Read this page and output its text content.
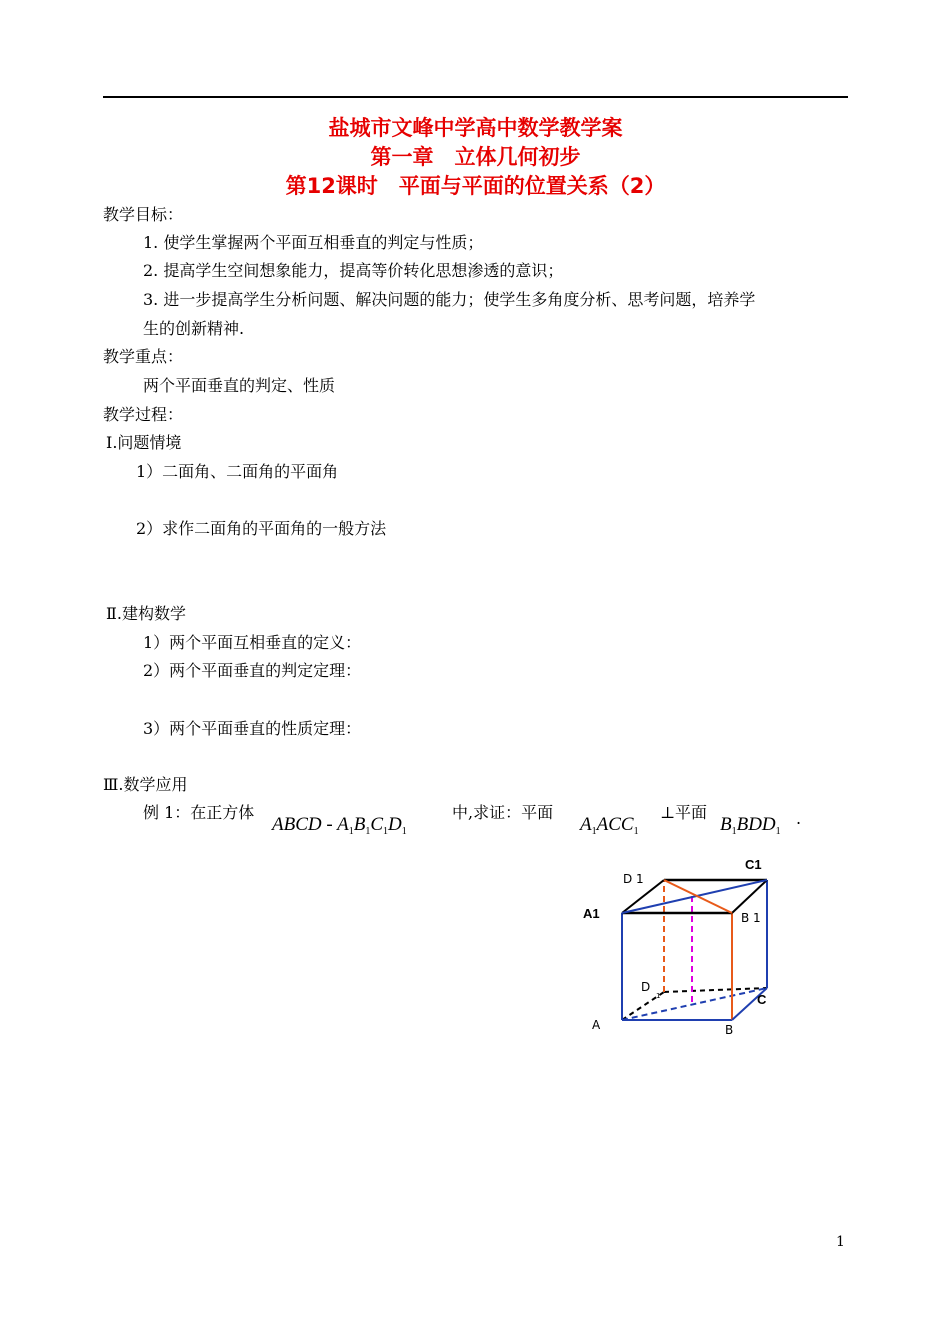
盐城市文峰中学高中数学教学案
第一章　立体几何初步
第12课时　平面与平面的位置关系（2）
教学目标：
1. 使学生掌握两个平面互相垂直的判定与性质；
2. 提高学生空间想象能力，提高等价转化思想渗透的意识；
3. 进一步提高学生分析问题、解决问题的能力；使学生多角度分析、思考问题，培养学
生的创新精神.
教学重点：
两个平面垂直的判定、性质
教学过程：
Ⅰ.问题情境
1）二面角、二面角的平面角
2）求作二面角的平面角的一般方法
Ⅱ.建构数学
1）两个平面互相垂直的定义：
2）两个平面垂直的判定定理：
3）两个平面垂直的性质定理：
Ⅲ.数学应用
例 1：在正方体
ABCD - $A_1B_1C_1D_1$
中,求证：平面
$A_1ACC_1$
⊥平面
$B_1BDD_1$
.
D 1
C1
A1	B 1
D
1	C
A	B
1
